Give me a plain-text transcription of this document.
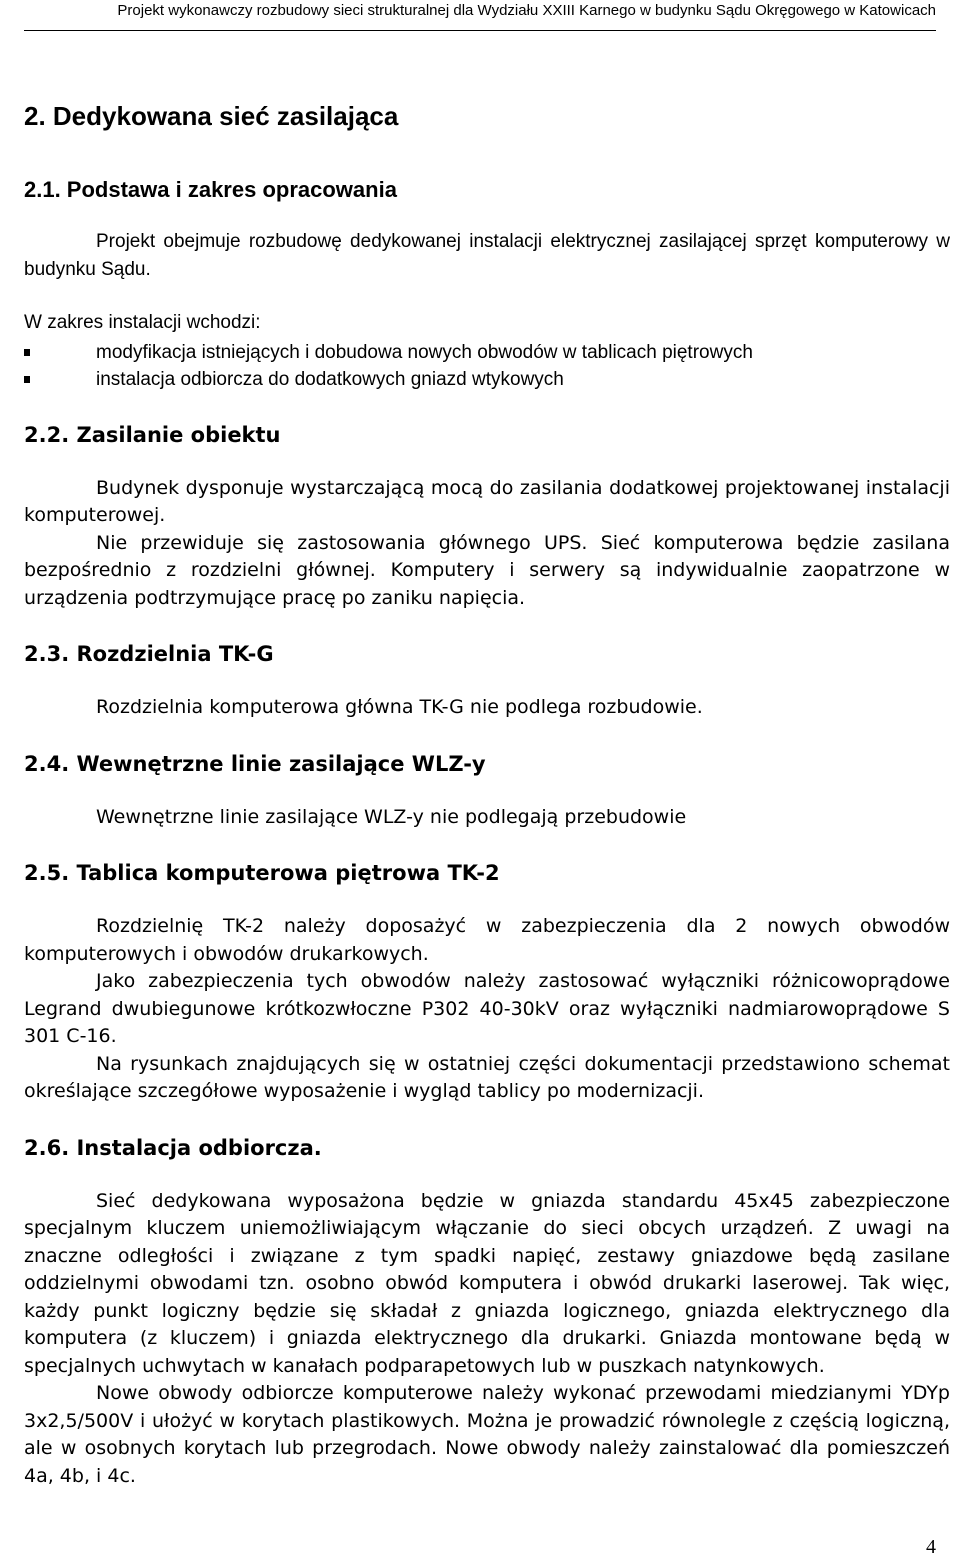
Projekt wykonawczy rozbudowy sieci strukturalnej dla Wydziału XXIII Karnego w budynku Sądu Okręgowego w Katowicach
2. Dedykowana sieć zasilająca
2.1. Podstawa i zakres opracowania

Projekt obejmuje rozbudowę dedykowanej instalacji elektrycznej zasilającej sprzęt komputerowy w budynku Sądu.

W zakres instalacji wchodzi:

modyfikacja istniejących i dobudowa nowych obwodów w tablicach piętrowych
instalacja odbiorcza do dodatkowych gniazd wtykowych
2.2. Zasilanie obiektu

Budynek dysponuje wystarczającą mocą do zasilania dodatkowej projektowanej instalacji komputerowej.

Nie przewiduje się zastosowania głównego UPS. Sieć komputerowa będzie zasilana bezpośrednio z rozdzielni głównej. Komputery i serwery są indywidualnie zaopatrzone w urządzenia podtrzymujące pracę po zaniku napięcia.

2.3. Rozdzielnia TK-G

Rozdzielnia komputerowa główna TK-G nie podlega rozbudowie.

2.4. Wewnętrzne linie zasilające WLZ-y

Wewnętrzne linie zasilające WLZ-y nie podlegają przebudowie

2.5. Tablica komputerowa piętrowa TK-2

Rozdzielnię TK-2 należy doposażyć w zabezpieczenia dla 2 nowych obwodów komputerowych i obwodów drukarkowych.

Jako zabezpieczenia tych obwodów należy zastosować wyłączniki różnicowoprądowe Legrand dwubiegunowe krótkozwłoczne P302 40-30kV oraz wyłączniki nadmiarowoprądowe S 301 C-16.

Na rysunkach znajdujących się w ostatniej części dokumentacji przedstawiono schemat określające szczegółowe wyposażenie i wygląd tablicy po modernizacji.

2.6. Instalacja odbiorcza.

Sieć dedykowana wyposażona będzie w gniazda standardu 45x45 zabezpieczone specjalnym kluczem uniemożliwiającym włączanie do sieci obcych urządzeń. Z uwagi na znaczne odległości i związane z tym spadki napięć, zestawy gniazdowe będą zasilane oddzielnymi obwodami tzn. osobno obwód komputera i obwód drukarki laserowej. Tak więc, każdy punkt logiczny będzie się składał z gniazda logicznego, gniazda elektrycznego dla komputera (z kluczem) i gniazda elektrycznego dla drukarki. Gniazda montowane będą w specjalnych uchwytach w kanałach podparapetowych lub w puszkach natynkowych.

Nowe obwody odbiorcze komputerowe należy wykonać przewodami miedzianymi YDYp 3x2,5/500V i ułożyć w korytach plastikowych. Można je prowadzić równolegle z częścią logiczną, ale w osobnych korytach lub przegrodach. Nowe obwody należy zainstalować dla pomieszczeń 4a, 4b, i 4c.

4
